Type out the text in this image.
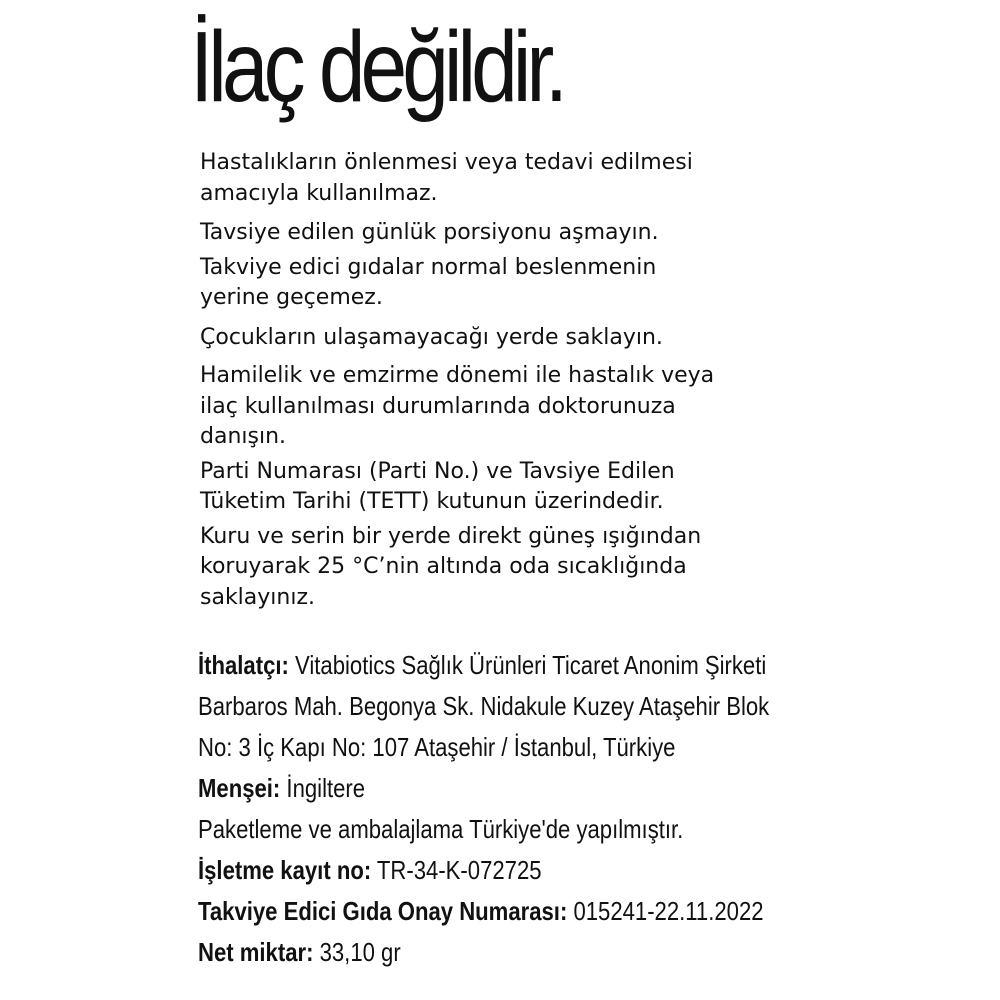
İlaç değildir.

Hastalıkların önlenmesi veya tedavi edilmesi
amacıyla kullanılmaz.

Tavsiye edilen günlük porsiyonu aşmayın.

Takviye edici gıdalar normal beslenmenin
yerine geçemez.

Çocukların ulaşamayacağı yerde saklayın.

Hamilelik ve emzirme dönemi ile hastalık veya
ilaç kullanılması durumlarında doktorunuza
danışın.

Parti Numarası (Parti No.) ve Tavsiye Edilen
Tüketim Tarihi (TETT) kutunun üzerindedir.

Kuru ve serin bir yerde direkt güneş ışığından
koruyarak 25 °C’nin altında oda sıcaklığında
saklayınız.

İthalatçı: Vitabiotics Sağlık Ürünleri Ticaret Anonim Şirketi
Barbaros Mah. Begonya Sk. Nidakule Kuzey Ataşehir Blok
No: 3 İç Kapı No: 107 Ataşehir / İstanbul, Türkiye
Menşei: İngiltere
Paketleme ve ambalajlama Türkiye'de yapılmıştır.
İşletme kayıt no: TR-34-K-072725
Takviye Edici Gıda Onay Numarası: 015241-22.11.2022
Net miktar: 33,10 gr
